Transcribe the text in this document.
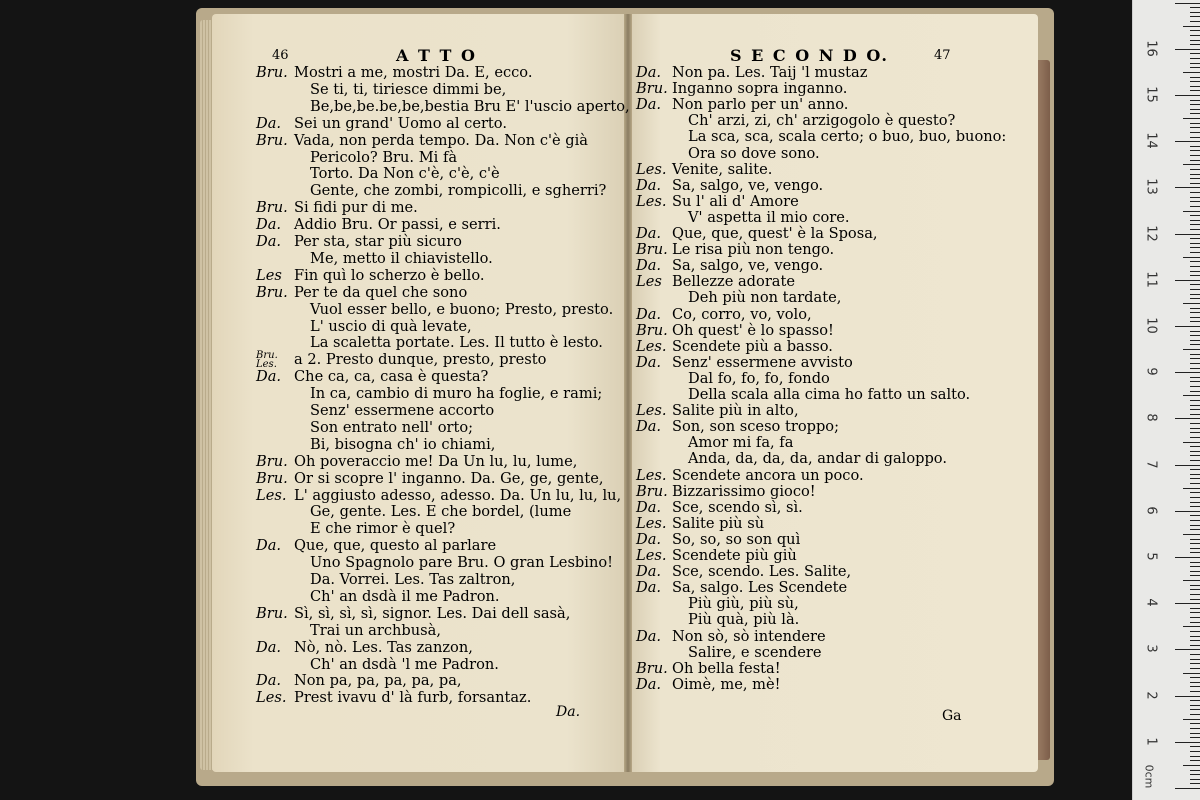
46	A T T O	S E C O N D O.	47
Bru. Mostri a me, mostri Da. E, ecco.
Se ti, ti, tiriesce dimmi be,
Be,be,be.be,be,bestia Bru E' l'uscio aperto,
Da. Sei un grand' Uomo al certo.
Bru. Vada, non perda tempo. Da. Non c'è già
Pericolo? Bru. Mi fà
Torto. Da Non c'è, c'è, c'è
Gente, che zombi, rompicolli, e sgherri?
Bru. Si fidi pur di me.
Da. Addio Bru. Or passi, e serri.
Da. Per sta, star più sicuro
Me, metto il chiavistello.
Les Fin quì lo scherzo è bello.
Bru. Per te da quel che sono
Vuol esser bello, e buono; Presto, presto.
L' uscio di quà levate,
La scaletta portate. Les. Il tutto è lesto.
Bru. Les. a 2. Presto dunque, presto, presto
Da. Che ca, ca, casa è questa?
In ca, cambio di muro ha foglie, e rami;
Senz' essermene accorto
Son entrato nell' orto;
Bi, bisogna ch' io chiami,
Bru. Oh poveraccio me! Da Un lu, lu, lume,
Bru. Or si scopre l' inganno. Da. Ge, ge, gente,
Les. L' aggiusto adesso, adesso. Da. Un lu, lu, lu,
Ge, gente. Les. E che bordel, (lume
E che rimor è quel?
Da. Que, que, questo al parlare
Uno Spagnolo pare Bru. O gran Lesbino!
Da. Vorrei. Les. Tas zaltron,
Ch' an dsdà il me Padron.
Bru. Sì, sì, sì, sì, signor. Les. Dai dell sasà,
Trai un archbusà,
Da. Nò, nò. Les. Tas zanzon,
Ch' an dsdà 'l me Padron.
Da. Non pa, pa, pa, pa, pa,
Les. Prest ivavu d' là furb, forsantaz.
Da. Non pa. Les. Taij 'l mustaz
Bru. Inganno sopra inganno.
Da. Non parlo per un' anno.
Ch' arzi, zi, ch' arzigogolo è questo?
La sca, sca, scala certo; o buo, buo, buono:
Ora so dove sono.
Les. Venite, salite.
Da. Sa, salgo, ve, vengo.
Les. Su l' ali d' Amore
V' aspetta il mio core.
Da. Que, que, quest' è la Sposa,
Bru. Le risa più non tengo.
Da. Sa, salgo, ve, vengo.
Les Bellezze adorate
Deh più non tardate,
Da. Co, corro, vo, volo,
Bru. Oh quest' è lo spasso!
Les. Scendete più a basso.
Da. Senz' essermene avvisto
Dal fo, fo, fo, fondo
Della scala alla cima ho fatto un salto.
Les. Salite più in alto,
Da. Son, son sceso troppo;
Amor mi fa, fa
Anda, da, da, da, andar di galoppo.
Les. Scendete ancora un poco.
Bru. Bizzarissimo gioco!
Da. Sce, scendo sì, sì.
Les. Salite più sù
Da. So, so, so son quì
Les. Scendete più giù
Da. Sce, scendo. Les. Salite,
Da. Sa, salgo. Les Scendete
Più giù, più sù,
Più quà, più là.
Da. Non sò, sò intendere
Salire, e scendere
Bru. Oh bella festa!
Da. Oimè, me, mè!
Da.	Ga
0cm
1
2
3
4
5
6
7
8
9
10
11
12
13
14
15
16
